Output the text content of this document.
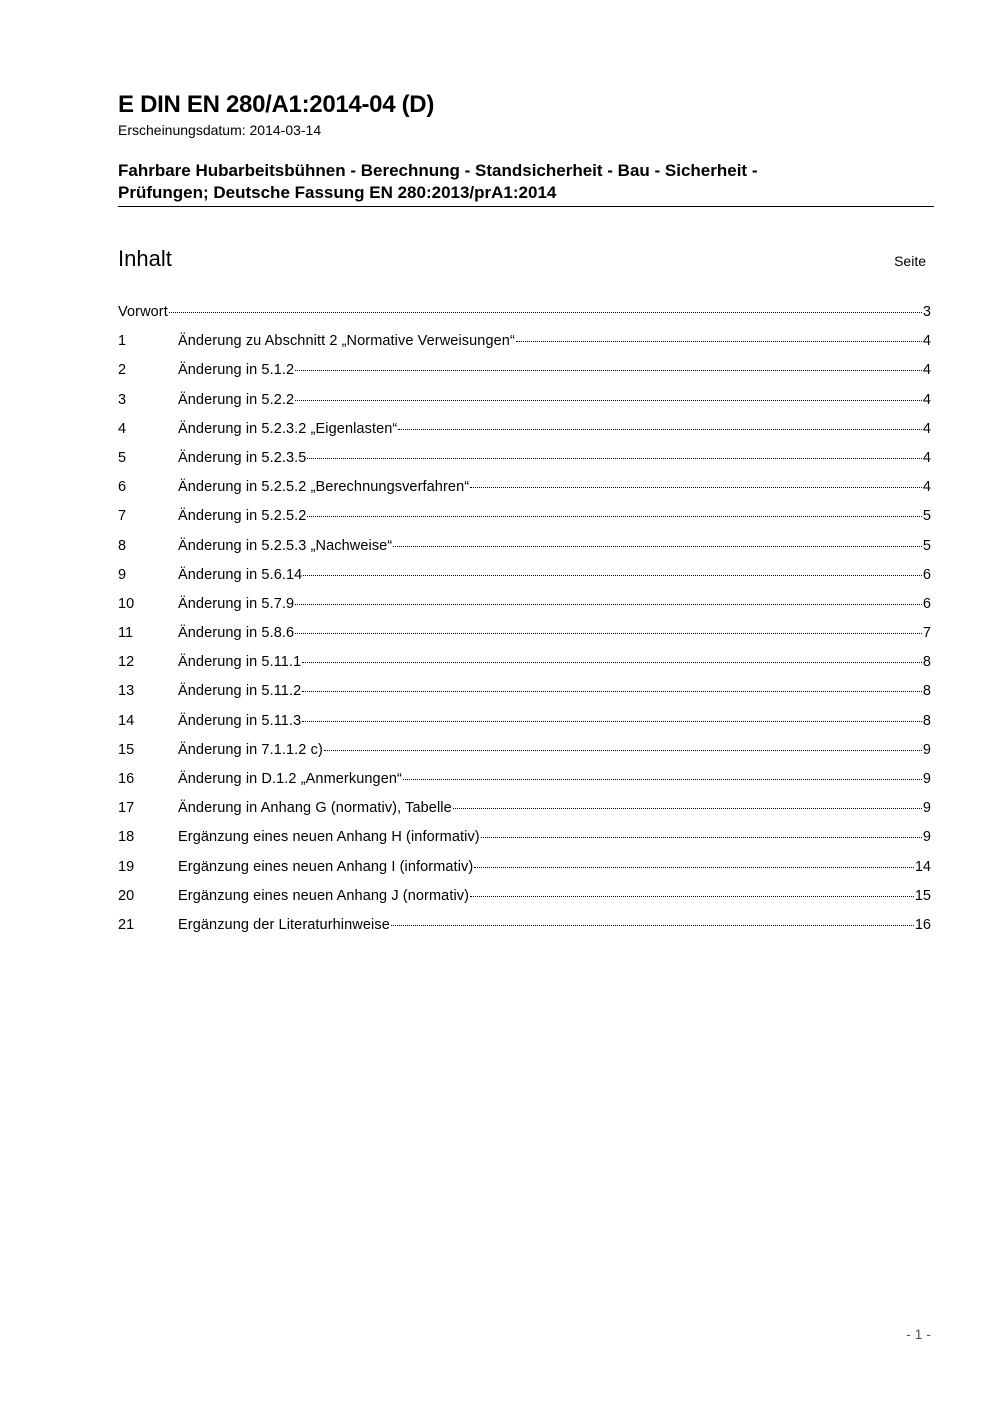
E DIN EN 280/A1:2014-04 (D)
Erscheinungsdatum: 2014-03-14
Fahrbare Hubarbeitsbühnen - Berechnung - Standsicherheit - Bau - Sicherheit -
Prüfungen; Deutsche Fassung EN 280:2013/prA1:2014
Inhalt	Seite
Vorwort	3
1	Änderung zu Abschnitt 2 „Normative Verweisungen“	4
2	Änderung in 5.1.2	4
3	Änderung in 5.2.2	4
4	Änderung in 5.2.3.2 „Eigenlasten“	4
5	Änderung in 5.2.3.5	4
6	Änderung in 5.2.5.2 „Berechnungsverfahren“	4
7	Änderung in 5.2.5.2	5
8	Änderung in 5.2.5.3 „Nachweise“	5
9	Änderung in 5.6.14	6
10	Änderung in 5.7.9	6
11	Änderung in 5.8.6	7
12	Änderung in 5.11.1	8
13	Änderung in 5.11.2	8
14	Änderung in 5.11.3	8
15	Änderung in 7.1.1.2 c)	9
16	Änderung in D.1.2 „Anmerkungen“	9
17	Änderung in Anhang G (normativ), Tabelle	9
18	Ergänzung eines neuen Anhang H (informativ)	9
19	Ergänzung eines neuen Anhang I (informativ)	14
20	Ergänzung eines neuen Anhang J (normativ)	15
21	Ergänzung der Literaturhinweise	16
- 1 -
